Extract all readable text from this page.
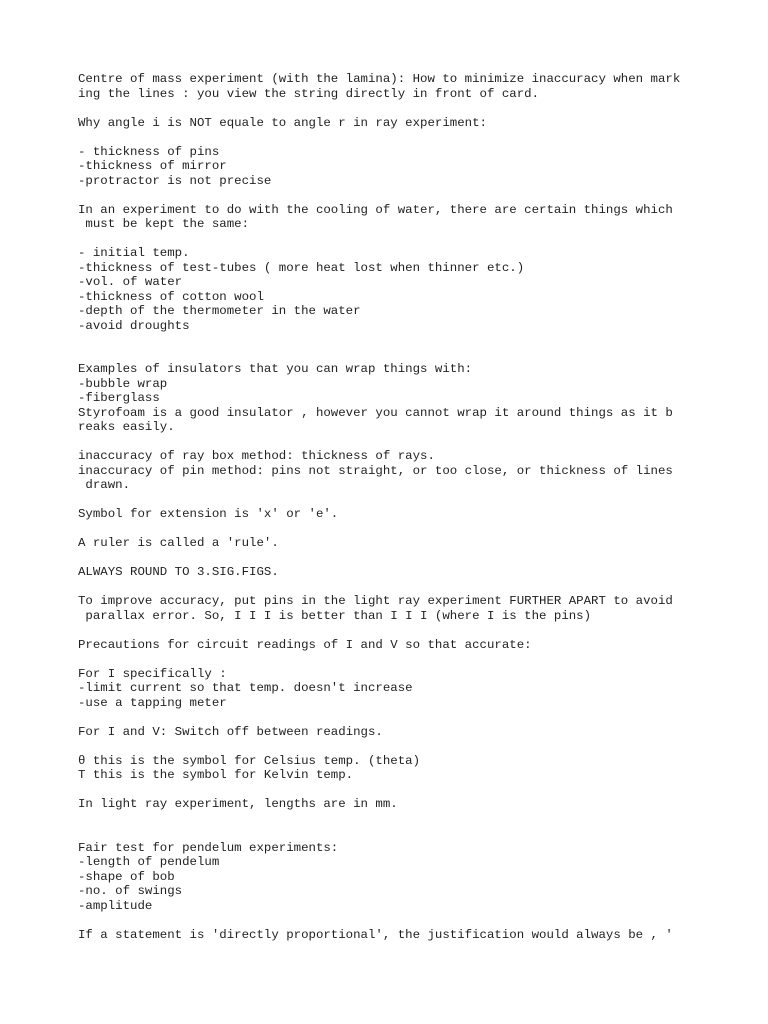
Centre of mass experiment (with the lamina): How to minimize inaccuracy when mark
ing the lines : you view the string directly in front of card.
Why angle i is NOT equale to angle r in ray experiment:
- thickness of pins
-thickness of mirror
-protractor is not precise
In an experiment to do with the cooling of water, there are certain things which
must be kept the same:
- initial temp.
-thickness of test-tubes ( more heat lost when thinner etc.)
-vol. of water
-thickness of cotton wool
-depth of the thermometer in the water
-avoid droughts
Examples of insulators that you can wrap things with:
-bubble wrap
-fiberglass
Styrofoam is a good insulator , however you cannot wrap it around things as it b
reaks easily.
inaccuracy of ray box method: thickness of rays.
inaccuracy of pin method: pins not straight, or too close, or thickness of lines
drawn.
Symbol for extension is 'x' or 'e'.
A ruler is called a 'rule'.
ALWAYS ROUND TO 3.SIG.FIGS.
To improve accuracy, put pins in the light ray experiment FURTHER APART to avoid
parallax error. So, I I I is better than I I I (where I is the pins)
Precautions for circuit readings of I and V so that accurate:
For I specifically :
-limit current so that temp. doesn't increase
-use a tapping meter
For I and V: Switch off between readings.
θ this is the symbol for Celsius temp. (theta)
T this is the symbol for Kelvin temp.
In light ray experiment, lengths are in mm.
Fair test for pendelum experiments:
-length of pendelum
-shape of bob
-no. of swings
-amplitude
If a statement is 'directly proportional', the justification would always be , '
